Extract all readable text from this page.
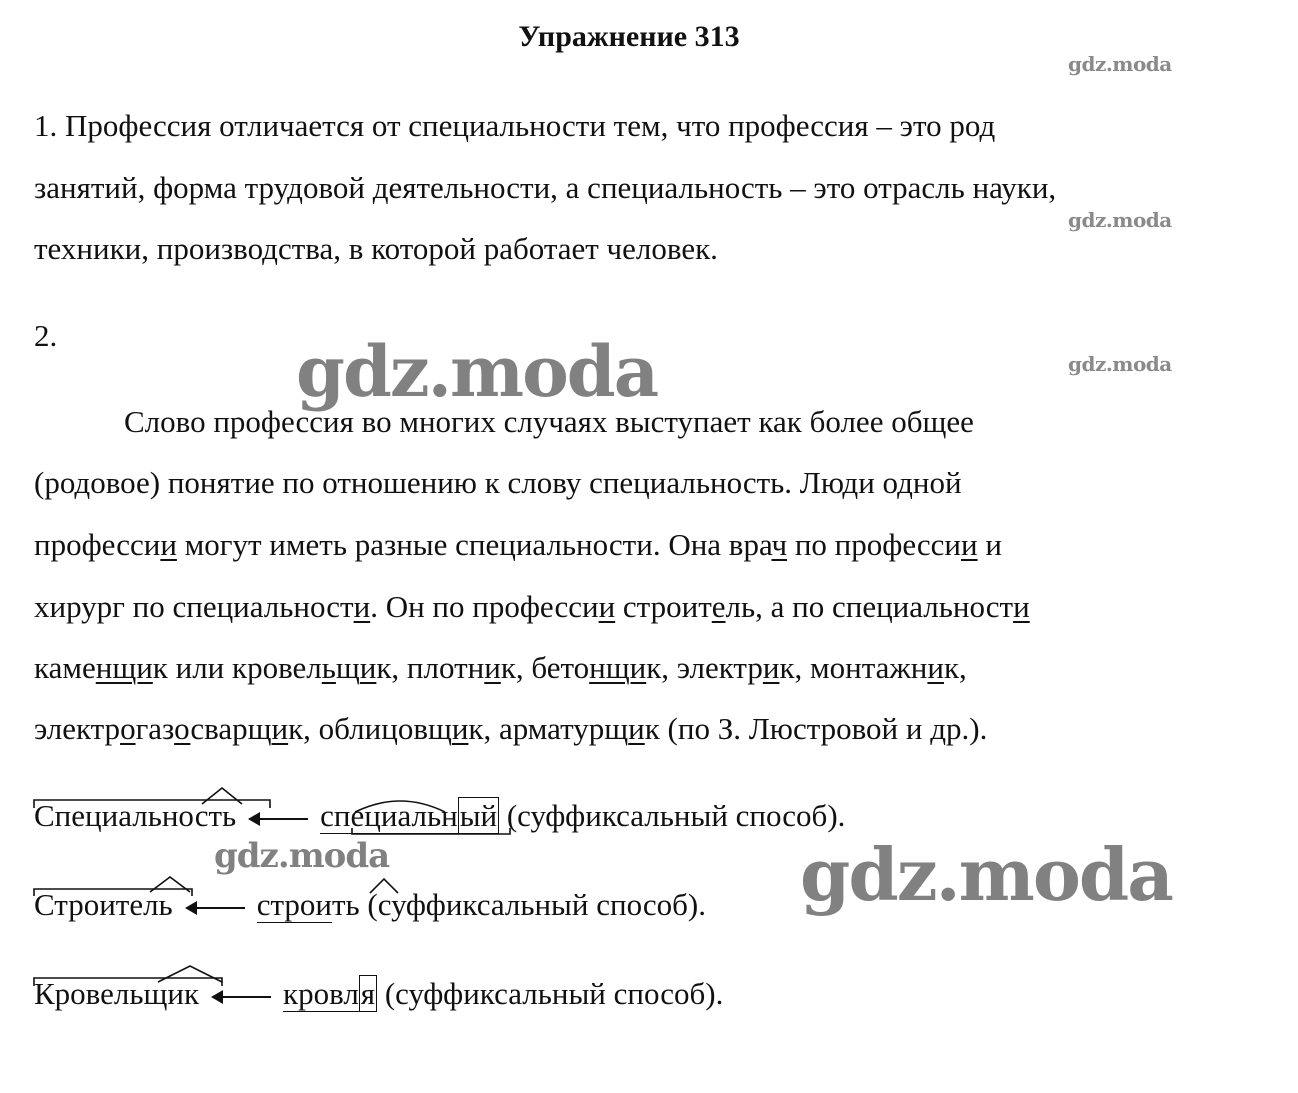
Упражнение 313
gdz.moda
gdz.moda
gdz.moda
1. Профессия отличается от специальности тем, что профессия – это род
занятий, форма трудовой деятельности, а специальность – это отрасль науки,
техники, производства, в которой работает человек.
2.	gdz.moda
Слово профессия во многих случаях выступает как более общее
(родовое) понятие по отношению к слову специальность. Люди одной
профессии могут иметь разные специальности. Она врач по профессии и
хирург по специальности. Он по профессии строитель, а по специальности
каменщик или кровельщик, плотник, бетонщик, электрик, монтажник,
электрогазосварщик, облицовщик, арматурщик (по З. Люстровой и др.).
Специальность	специальный (суффиксальный способ).
gdz.moda	gdz.moda
Строитель	строить (суффиксальный способ).
Кровельщик	кровля (суффиксальный способ).
